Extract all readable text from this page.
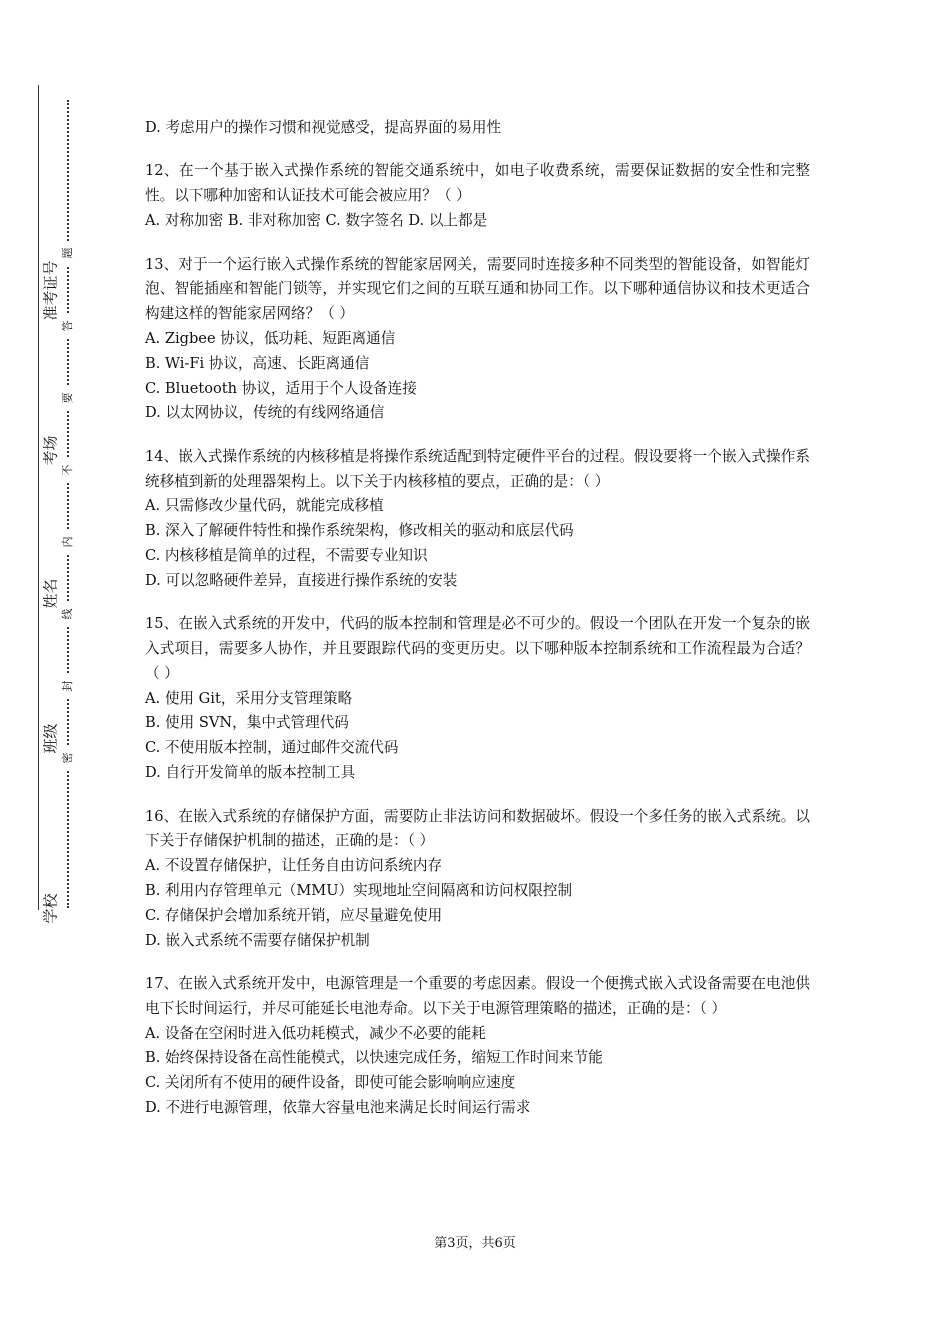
准考证号
考场
姓名
班级
学校
题
答
要
不
内
线
封
密
D. 考虑用户的操作习惯和视觉感受，提高界面的易用性
12、在一个基于嵌入式操作系统的智能交通系统中，如电子收费系统，需要保证数据的安全性和完整性。以下哪种加密和认证技术可能会被应用？（ ）
A. 对称加密 B. 非对称加密 C. 数字签名 D. 以上都是
13、对于一个运行嵌入式操作系统的智能家居网关，需要同时连接多种不同类型的智能设备，如智能灯泡、智能插座和智能门锁等，并实现它们之间的互联互通和协同工作。以下哪种通信协议和技术更适合构建这样的智能家居网络？（ ）
A. Zigbee 协议，低功耗、短距离通信
B. Wi-Fi 协议，高速、长距离通信
C. Bluetooth 协议，适用于个人设备连接
D. 以太网协议，传统的有线网络通信
14、嵌入式操作系统的内核移植是将操作系统适配到特定硬件平台的过程。假设要将一个嵌入式操作系统移植到新的处理器架构上。以下关于内核移植的要点，正确的是：（ ）
A. 只需修改少量代码，就能完成移植
B. 深入了解硬件特性和操作系统架构，修改相关的驱动和底层代码
C. 内核移植是简单的过程，不需要专业知识
D. 可以忽略硬件差异，直接进行操作系统的安装
15、在嵌入式系统的开发中，代码的版本控制和管理是必不可少的。假设一个团队在开发一个复杂的嵌入式项目，需要多人协作，并且要跟踪代码的变更历史。以下哪种版本控制系统和工作流程最为合适？（ ）
A. 使用 Git，采用分支管理策略
B. 使用 SVN，集中式管理代码
C. 不使用版本控制，通过邮件交流代码
D. 自行开发简单的版本控制工具
16、在嵌入式系统的存储保护方面，需要防止非法访问和数据破坏。假设一个多任务的嵌入式系统。以下关于存储保护机制的描述，正确的是：（ ）
A. 不设置存储保护，让任务自由访问系统内存
B. 利用内存管理单元（MMU）实现地址空间隔离和访问权限控制
C. 存储保护会增加系统开销，应尽量避免使用
D. 嵌入式系统不需要存储保护机制
17、在嵌入式系统开发中，电源管理是一个重要的考虑因素。假设一个便携式嵌入式设备需要在电池供电下长时间运行，并尽可能延长电池寿命。以下关于电源管理策略的描述，正确的是：（ ）
A. 设备在空闲时进入低功耗模式，减少不必要的能耗
B. 始终保持设备在高性能模式，以快速完成任务，缩短工作时间来节能
C. 关闭所有不使用的硬件设备，即使可能会影响响应速度
D. 不进行电源管理，依靠大容量电池来满足长时间运行需求
第3页，共6页
